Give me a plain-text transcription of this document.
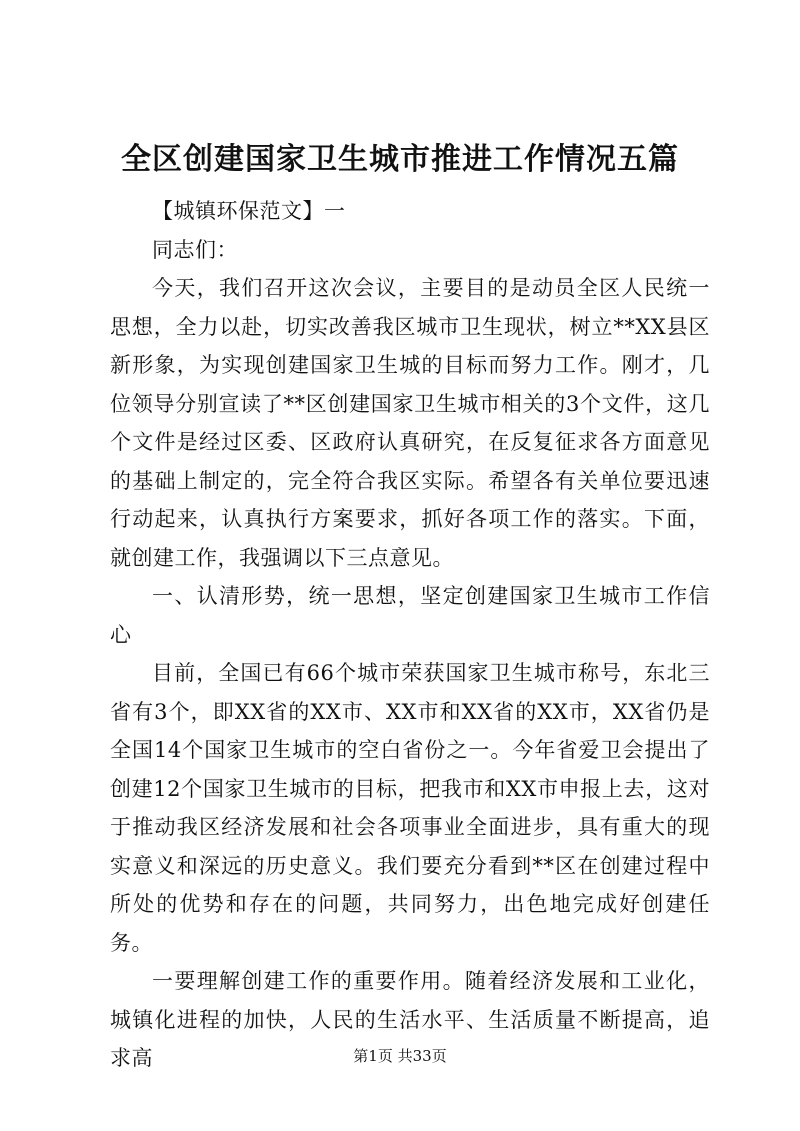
全区创建国家卫生城市推进工作情况五篇

【城镇环保范文】一

同志们：

今天，我们召开这次会议，主要目的是动员全区人民统一思想，全力以赴，切实改善我区城市卫生现状，树立**XX县区新形象，为实现创建国家卫生城的目标而努力工作。刚才，几位领导分别宣读了**区创建国家卫生城市相关的3个文件，这几个文件是经过区委、区政府认真研究，在反复征求各方面意见的基础上制定的，完全符合我区实际。希望各有关单位要迅速行动起来，认真执行方案要求，抓好各项工作的落实。下面，就创建工作，我强调以下三点意见。

一、认清形势，统一思想，坚定创建国家卫生城市工作信心

目前，全国已有66个城市荣获国家卫生城市称号，东北三省有3个，即XX省的XX市、XX市和XX省的XX市，XX省仍是全国14个国家卫生城市的空白省份之一。今年省爱卫会提出了创建12个国家卫生城市的目标，把我市和XX市申报上去，这对于推动我区经济发展和社会各项事业全面进步，具有重大的现实意义和深远的历史意义。我们要充分看到**区在创建过程中所处的优势和存在的问题，共同努力，出色地完成好创建任务。

一要理解创建工作的重要作用。随着经济发展和工业化，城镇化进程的加快，人民的生活水平、生活质量不断提高，追求高	第1页 共33页
